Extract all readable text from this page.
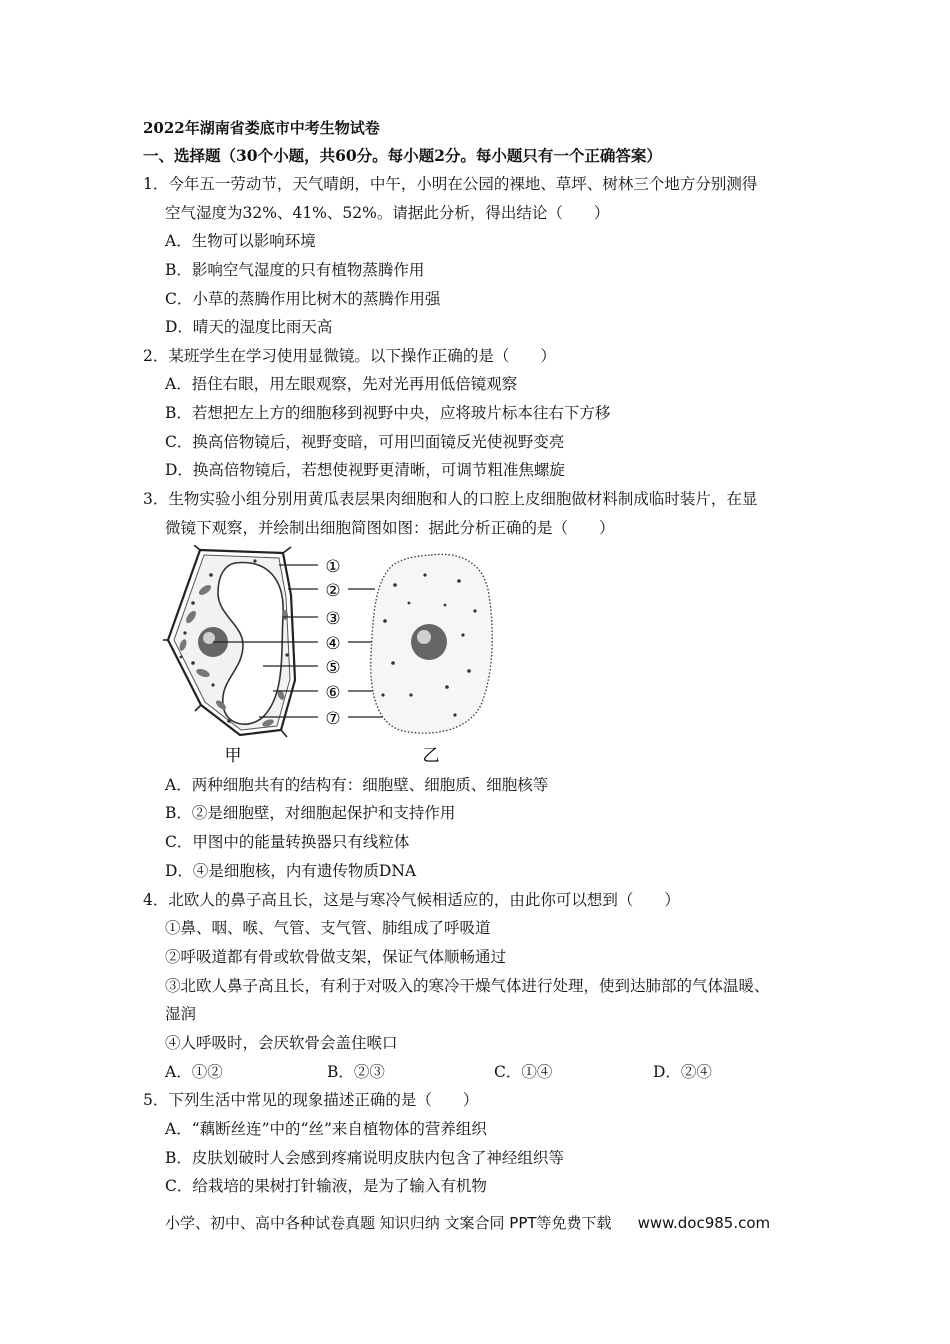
2022年湖南省娄底市中考生物试卷
一、选择题（30个小题，共60分。每小题2分。每小题只有一个正确答案）
1．今年五一劳动节，天气晴朗，中午，小明在公园的裸地、草坪、树林三个地方分别测得
空气湿度为32%、41%、52%。请据此分析，得出结论（　　）
A．生物可以影响环境
B．影响空气湿度的只有植物蒸腾作用
C．小草的蒸腾作用比树木的蒸腾作用强
D．晴天的湿度比雨天高
2．某班学生在学习使用显微镜。以下操作正确的是（　　）
A．捂住右眼，用左眼观察，先对光再用低倍镜观察
B．若想把左上方的细胞移到视野中央，应将玻片标本往右下方移
C．换高倍物镜后，视野变暗，可用凹面镜反光使视野变亮
D．换高倍物镜后，若想使视野更清晰，可调节粗准焦螺旋
3．生物实验小组分别用黄瓜表层果肉细胞和人的口腔上皮细胞做材料制成临时装片，在显
微镜下观察，并绘制出细胞简图如图：据此分析正确的是（　　）
①
②
③
④
⑤
⑥
⑦
甲	乙
A．两种细胞共有的结构有：细胞壁、细胞质、细胞核等
B．②是细胞壁，对细胞起保护和支持作用
C．甲图中的能量转换器只有线粒体
D．④是细胞核，内有遗传物质DNA
4．北欧人的鼻子高且长，这是与寒冷气候相适应的，由此你可以想到（　　）
①鼻、咽、喉、气管、支气管、肺组成了呼吸道
②呼吸道都有骨或软骨做支架，保证气体顺畅通过
③北欧人鼻子高且长，有利于对吸入的寒冷干燥气体进行处理，使到达肺部的气体温暖、
湿润
④人呼吸时，会厌软骨会盖住喉口
A．①②	B．②③	C．①④	D．②④
5．下列生活中常见的现象描述正确的是（　　）
A．“藕断丝连”中的“丝”来自植物体的营养组织
B．皮肤划破时人会感到疼痛说明皮肤内包含了神经组织等
C．给栽培的果树打针输液，是为了输入有机物
小学、初中、高中各种试卷真题 知识归纳 文案合同 PPT等免费下载 www.doc985.com
